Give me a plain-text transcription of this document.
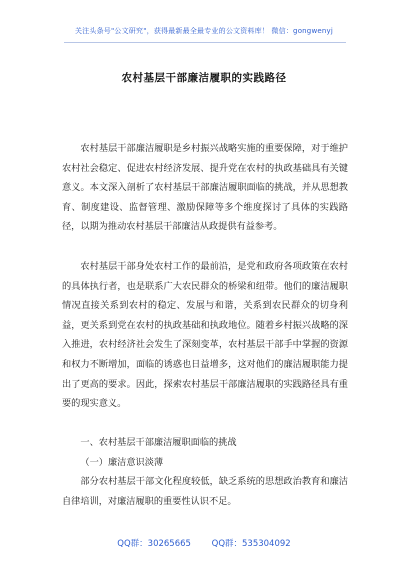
关注头条号"公文研究"，获得最新最全最专业的公文资料库！ 微信：gongwenyj
农村基层干部廉洁履职的实践路径

农村基层干部廉洁履职是乡村振兴战略实施的重要保障，对于维护农村社会稳定、促进农村经济发展、提升党在农村的执政基础具有关键意义。本文深入剖析了农村基层干部廉洁履职面临的挑战，并从思想教育、制度建设、监督管理、激励保障等多个维度探讨了具体的实践路径，以期为推动农村基层干部廉洁从政提供有益参考。

农村基层干部身处农村工作的最前沿，是党和政府各项政策在农村的具体执行者，也是联系广大农民群众的桥梁和纽带。他们的廉洁履职情况直接关系到农村的稳定、发展与和谐，关系到农民群众的切身利益，更关系到党在农村的执政基础和执政地位。随着乡村振兴战略的深入推进，农村经济社会发生了深刻变革，农村基层干部手中掌握的资源和权力不断增加，面临的诱惑也日益增多，这对他们的廉洁履职能力提出了更高的要求。因此，探索农村基层干部廉洁履职的实践路径具有重要的现实意义。

一、农村基层干部廉洁履职面临的挑战

（一）廉洁意识淡薄

部分农村基层干部文化程度较低，缺乏系统的思想政治教育和廉洁自律培训，对廉洁履职的重要性认识不足。

QQ群：30265665 QQ群：535304092
